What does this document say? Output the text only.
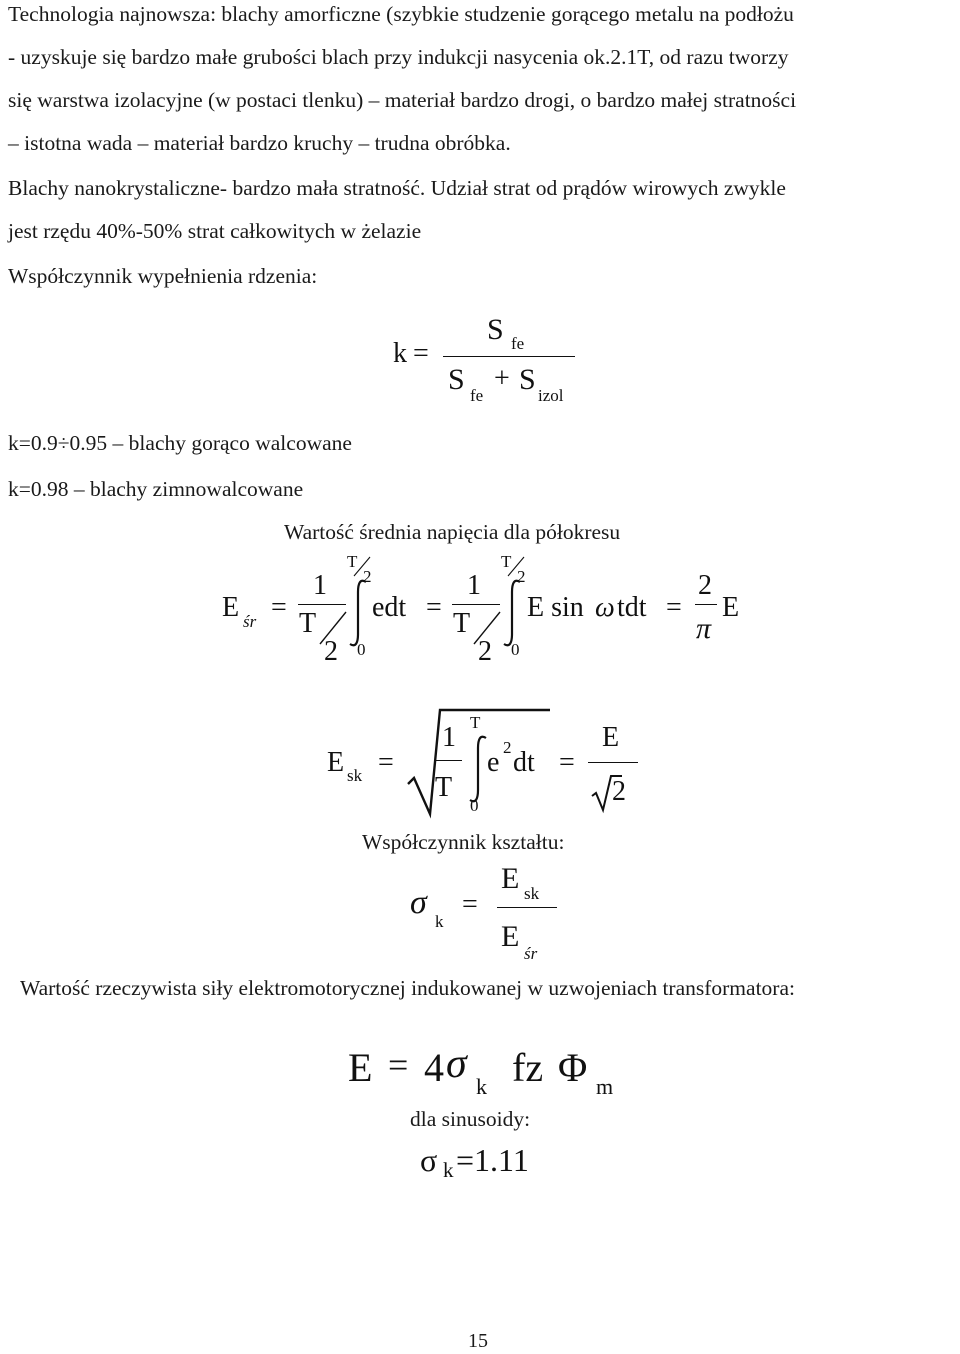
Technologia najnowsza: blachy amorficzne (szybkie studzenie gorącego metalu na podłożu
- uzyskuje się bardzo małe grubości blach przy indukcji nasycenia ok.2.1T, od razu tworzy
się warstwa izolacyjne (w postaci tlenku) – materiał bardzo drogi, o bardzo małej stratności
– istotna wada – materiał bardzo kruchy – trudna obróbka.
Blachy nanokrystaliczne- bardzo mała stratność. Udział strat od prądów wirowych zwykle
jest rzędu 40%-50% strat całkowitych w żelazie
Współczynnik wypełnienia rdzenia:
k =
S fe
S fe
+ S izol
k=0.9÷0.95 – blachy gorąco walcowane
k=0.98 – blachy zimnowalcowane
Wartość średnia napięcia dla półokresu
E śr =
1
T
2
T
2
0
edt =
1
T
2
T
2
0
E sin ω tdt =
2
π
E
E sk =
1
T
T
0
e 2 dt =
E
2
Współczynnik kształtu:
σ
k
=
E sk
E
śr
Wartość rzeczywista siły elektromotorycznej indukowanej w uzwojeniach transformatora:
E = 4 σ k fz Φ m
dla sinusoidy:
σ k =1.11
15
